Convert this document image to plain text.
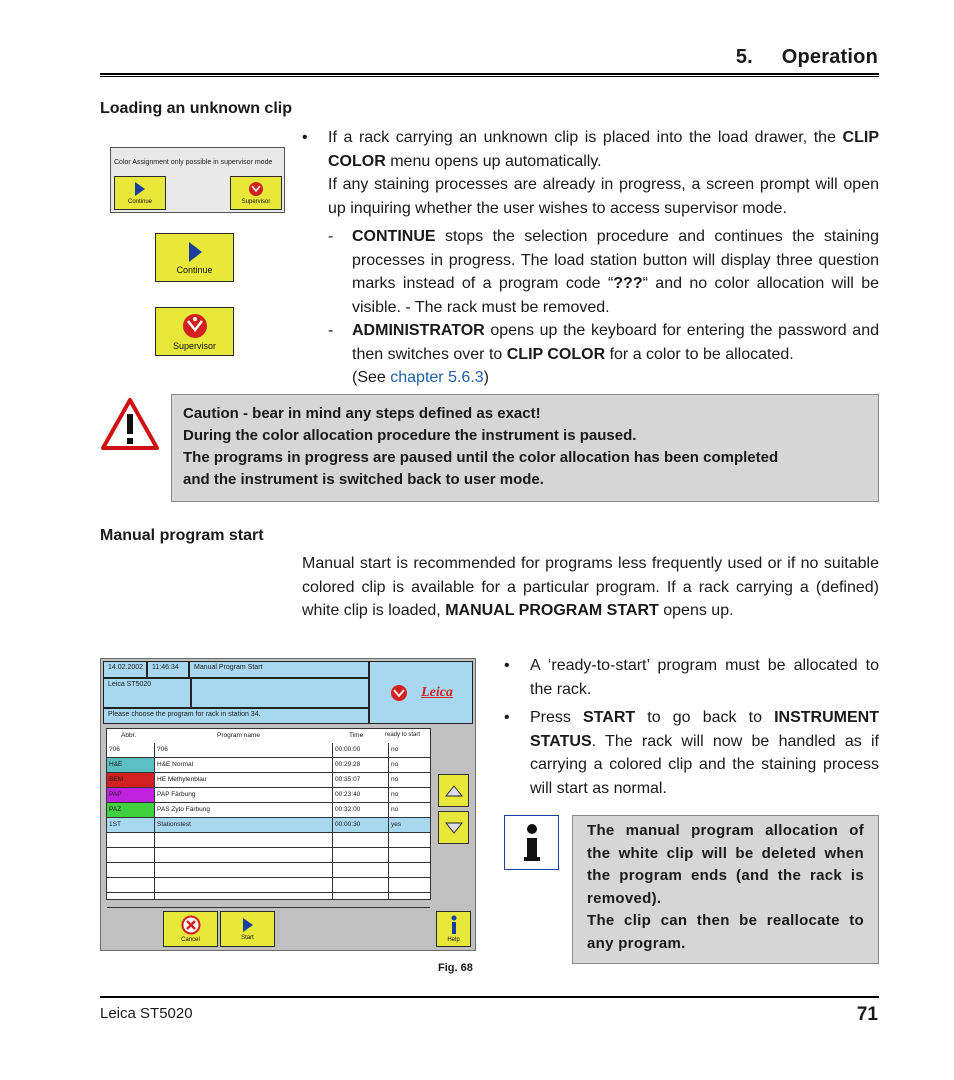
5. Operation
Loading an unknown clip
Color Assignment only possible in supervisor mode
Continue	Supervisor
Continue
Supervisor
•	If a rack carrying an unknown clip is placed into the load drawer, the CLIP COLOR menu opens up automatically.
If any staining processes are already in progress, a screen prompt will open up inquiring whether the user wishes to access supervisor mode.
-	CONTINUE stops the selection procedure and continues the staining processes in progress. The load station button will display three question marks instead of a program code “???“ and no color allocation will be visible. - The rack must be removed.
-	ADMINISTRATOR opens up the keyboard for entering the password and then switches over to CLIP COLOR for a color to be allocated.
(See chapter 5.6.3)
Caution - bear in mind any steps defined as exact!
During the color allocation procedure the instrument is paused.
The programs in progress are paused until the color allocation has been completed
and the instrument is switched back to user mode.
Manual program start
Manual start is recommended for programs less frequently used or if no suitable colored clip is available for a particular program. If a rack carrying a (defined) white clip is loaded, MANUAL PROGRAM START opens up.
14.02.2002	11:46:34	Manual Program Start
Leica ST5020
Please choose the program for rack in station 34.
Leica
Abbr.	Program name	Time	ready to start
?06	?06	00:00:00	no
H&E	H&E Normal	00:29:28	no
BEM	HE Methylenblau	00:35:07	no
PAP	PAP Färbung	00:23:40	no
PAZ	PAS Zyto Färbung	00:32:00	no
1ST	Stationstest	00:00:30	yes
Cancel	Start	Help
Fig. 68
•	A ‘ready-to-start’ program must be allocated to the rack.
•	Press START to go back to INSTRUMENT STATUS. The rack will now be handled as if carrying a colored clip and the staining process will start as normal.
The manual program allocation of the white clip will be deleted when the program ends (and the rack is removed).
The clip can then be reallocate to any program.
Leica ST5020	71
